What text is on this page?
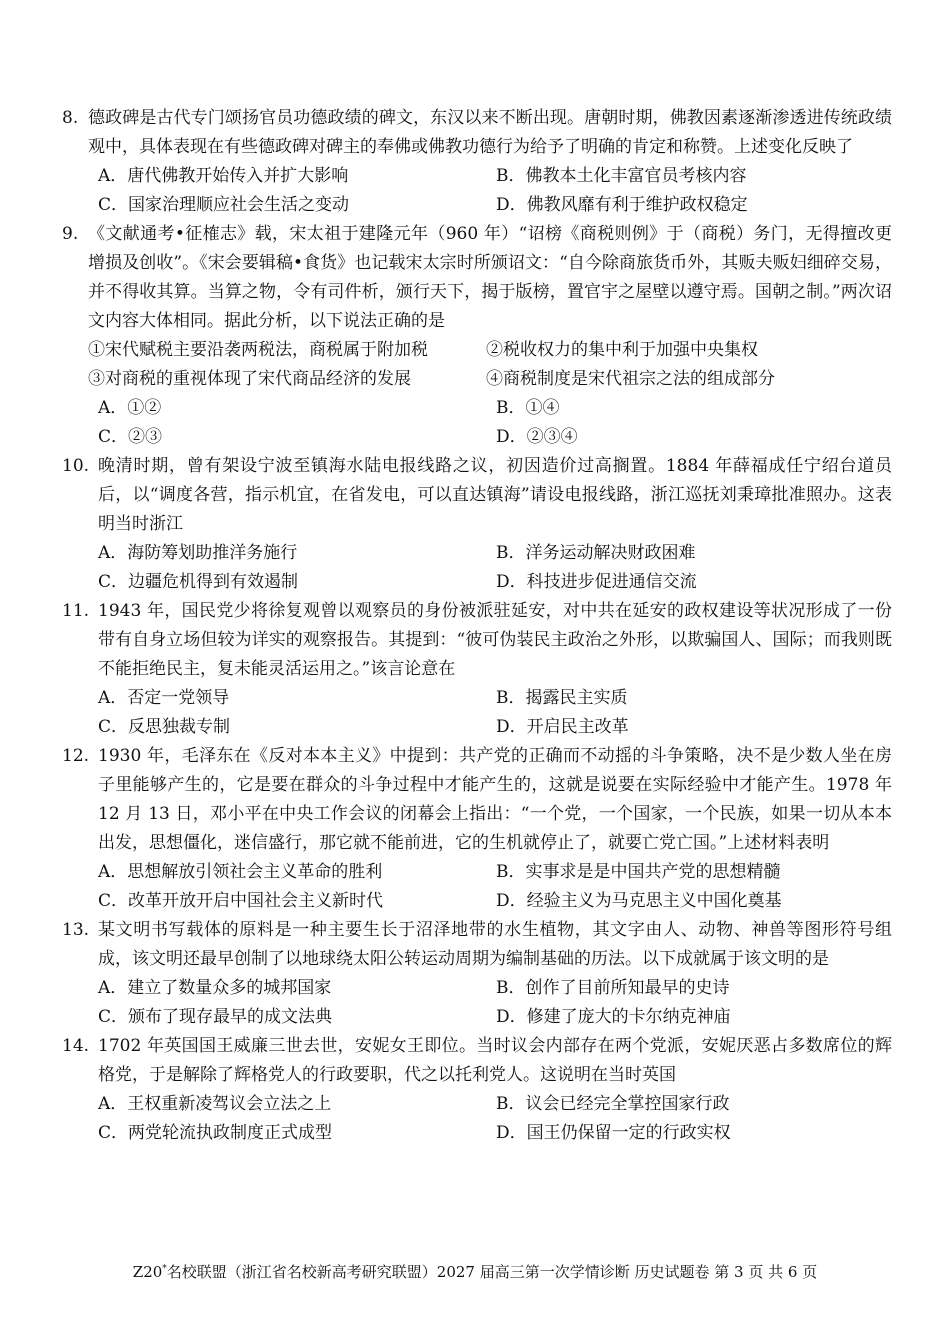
8. 德政碑是古代专门颂扬官员功德政绩的碑文，东汉以来不断出现。唐朝时期，佛教因素逐渐渗透进传统政绩观中，具体表现在有些德政碑对碑主的奉佛或佛教功德行为给予了明确的肯定和称赞。上述变化反映了
A．唐代佛教开始传入并扩大影响	B．佛教本土化丰富官员考核内容
C．国家治理顺应社会生活之变动	D．佛教风靡有利于维护政权稳定
9. 《文献通考•征榷志》载，宋太祖于建隆元年（960 年）“诏榜《商税则例》于（商税）务门，无得擅改更增损及创收”。《宋会要辑稿•食货》也记载宋太宗时所颁诏文：“自今除商旅货币外，其贩夫贩妇细碎交易，并不得收其算。当算之物，令有司件析，颁行天下，揭于版榜，置官宇之屋壁以遵守焉。国朝之制。”两次诏文内容大体相同。据此分析，以下说法正确的是
①宋代赋税主要沿袭两税法，商税属于附加税	②税收权力的集中利于加强中央集权
③对商税的重视体现了宋代商品经济的发展	④商税制度是宋代祖宗之法的组成部分
A．①②	B．①④
C．②③	D．②③④
10. 晚清时期，曾有架设宁波至镇海水陆电报线路之议，初因造价过高搁置。1884 年薛福成任宁绍台道员后，以“调度各营，指示机宜，在省发电，可以直达镇海”请设电报线路，浙江巡抚刘秉璋批准照办。这表明当时浙江
A．海防筹划助推洋务施行	B．洋务运动解决财政困难
C．边疆危机得到有效遏制	D．科技进步促进通信交流
11. 1943 年，国民党少将徐复观曾以观察员的身份被派驻延安，对中共在延安的政权建设等状况形成了一份带有自身立场但较为详实的观察报告。其提到：“彼可伪装民主政治之外形，以欺骗国人、国际；而我则既不能拒绝民主，复未能灵活运用之。”该言论意在
A．否定一党领导	B．揭露民主实质
C．反思独裁专制	D．开启民主改革
12. 1930 年，毛泽东在《反对本本主义》中提到：共产党的正确而不动摇的斗争策略，决不是少数人坐在房子里能够产生的，它是要在群众的斗争过程中才能产生的，这就是说要在实际经验中才能产生。1978 年 12 月 13 日，邓小平在中央工作会议的闭幕会上指出：“一个党，一个国家，一个民族，如果一切从本本出发，思想僵化，迷信盛行，那它就不能前进，它的生机就停止了，就要亡党亡国。”上述材料表明
A．思想解放引领社会主义革命的胜利	B．实事求是是中国共产党的思想精髓
C．改革开放开启中国社会主义新时代	D．经验主义为马克思主义中国化奠基
13. 某文明书写载体的原料是一种主要生长于沼泽地带的水生植物，其文字由人、动物、神兽等图形符号组成，该文明还最早创制了以地球绕太阳公转运动周期为编制基础的历法。以下成就属于该文明的是
A．建立了数量众多的城邦国家	B．创作了目前所知最早的史诗
C．颁布了现存最早的成文法典	D．修建了庞大的卡尔纳克神庙
14. 1702 年英国国王威廉三世去世，安妮女王即位。当时议会内部存在两个党派，安妮厌恶占多数席位的辉格党，于是解除了辉格党人的行政要职，代之以托利党人。这说明在当时英国
A．王权重新凌驾议会立法之上	B．议会已经完全掌控国家行政
C．两党轮流执政制度正式成型	D．国王仍保留一定的行政实权
Z20*名校联盟（浙江省名校新高考研究联盟）2027 届高三第一次学情诊断 历史试题卷 第 3 页 共 6 页
